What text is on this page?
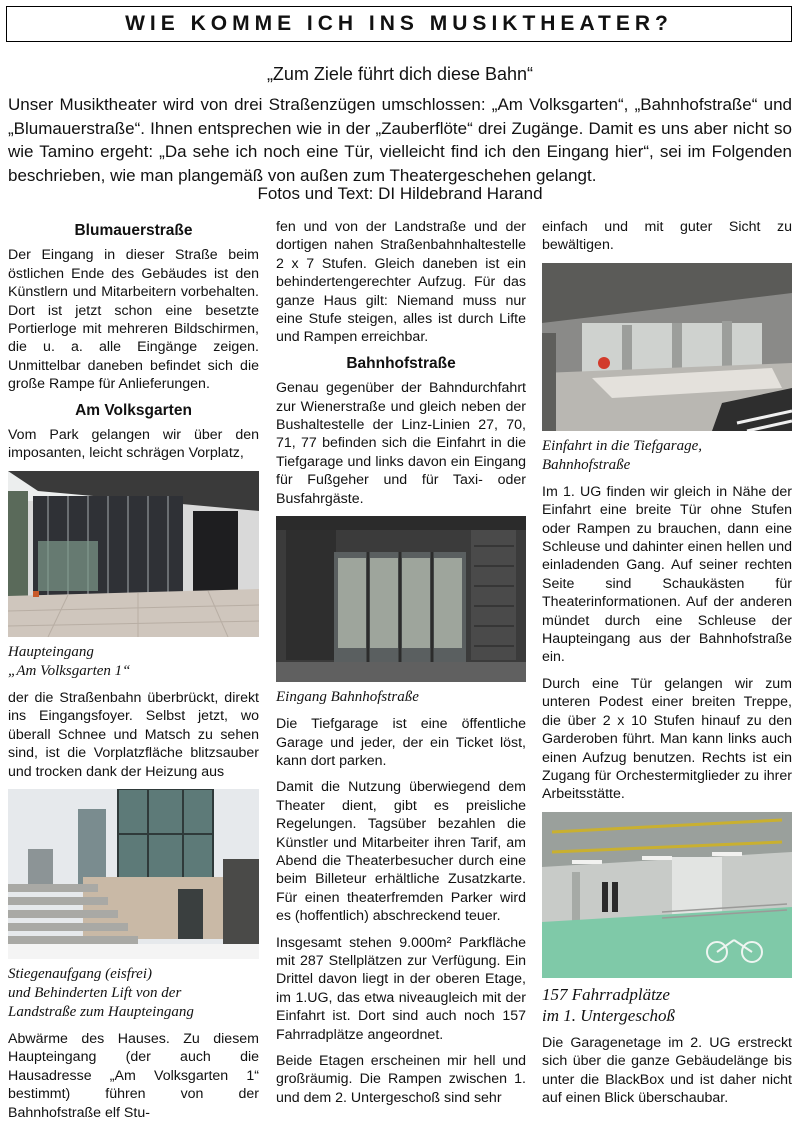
WIE KOMME ICH INS MUSIKTHEATER?
„Zum Ziele führt dich diese Bahn“
Unser Musiktheater wird von drei Straßenzügen umschlossen: „Am Volksgarten“, „Bahnhofstraße“ und „Blumauerstraße“. Ihnen entsprechen wie in der „Zauberflöte“ drei Zugänge. Damit es uns aber nicht so wie Tamino ergeht: „Da sehe ich noch eine Tür, vielleicht find ich den Eingang hier“, sei im Folgenden beschrieben, wie man plangemäß von außen zum Theatergeschehen gelangt.
Fotos und Text: DI Hildebrand Harand
Blumauerstraße

Der Eingang in dieser Straße beim östlichen Ende des Gebäudes ist den Künstlern und Mitarbeitern vorbehalten. Dort ist jetzt schon eine besetzte Portierloge mit mehreren Bildschirmen, die u. a. alle Eingänge zeigen. Unmittelbar daneben befindet sich die große Rampe für Anlieferungen.

Am Volksgarten

Vom Park gelangen wir über den imposanten, leicht schrägen Vorplatz,

Haupteingang
„Am Volksgarten 1“

der die Straßenbahn überbrückt, direkt ins Eingangsfoyer. Selbst jetzt, wo überall Schnee und Matsch zu sehen sind, ist die Vorplatzfläche blitzsauber und trocken dank der Heizung aus

Stiegenaufgang (eisfrei)
und Behinderten Lift von der
Landstraße zum Haupteingang

Abwärme des Hauses. Zu diesem Haupteingang (der auch die Hausadresse „Am Volksgarten 1“ bestimmt) führen von der Bahnhofstraße elf Stu-

fen und von der Landstraße und der dortigen nahen Straßenbahnhaltestelle 2 x 7 Stufen. Gleich daneben ist ein behindertengerechter Aufzug. Für das ganze Haus gilt: Niemand muss nur eine Stufe steigen, alles ist durch Lifte und Rampen erreichbar.

Bahnhofstraße

Genau gegenüber der Bahndurchfahrt zur Wienerstraße und gleich neben der Bushaltestelle der Linz-Linien 27, 70, 71, 77 befinden sich die Einfahrt in die Tiefgarage und links davon ein Eingang für Fußgeher und für Taxi- oder Busfahrgäste.

Eingang Bahnhofstraße

Die Tiefgarage ist eine öffentliche Garage und jeder, der ein Ticket löst, kann dort parken.

Damit die Nutzung überwiegend dem Theater dient, gibt es preisliche Regelungen. Tagsüber bezahlen die Künstler und Mitarbeiter ihren Tarif, am Abend die Theaterbesucher durch eine beim Billeteur erhältliche Zusatzkarte. Für einen theaterfremden Parker wird es (hoffentlich) abschreckend teuer.

Insgesamt stehen 9.000m² Parkfläche mit 287 Stellplätzen zur Verfügung. Ein Drittel davon liegt in der oberen Etage, im 1.UG, das etwa niveaugleich mit der Einfahrt ist. Dort sind auch noch 157 Fahrradplätze angeordnet.

Beide Etagen erscheinen mir hell und großräumig. Die Rampen zwischen 1. und dem 2. Untergeschoß sind sehr

einfach und mit guter Sicht zu bewältigen.

Einfahrt in die Tiefgarage,
Bahnhofstraße

Im 1. UG finden wir gleich in Nähe der Einfahrt eine breite Tür ohne Stufen oder Rampen zu brauchen, dann eine Schleuse und dahinter einen hellen und einladenden Gang. Auf seiner rechten Seite sind Schaukästen für Theaterinformationen. Auf der anderen mündet durch eine Schleuse der Haupteingang aus der Bahnhofstraße ein.

Durch eine Tür gelangen wir zum unteren Podest einer breiten Treppe, die über 2 x 10 Stufen hinauf zu den Garderoben führt. Man kann links auch einen Aufzug benutzen. Rechts ist ein Zugang für Orchestermitglieder zu ihrer Arbeitsstätte.

157 Fahrradplätze
im 1. Untergeschoß

Die Garagenetage im 2. UG erstreckt sich über die ganze Gebäudelänge bis unter die BlackBox und ist daher nicht auf einen Blick überschaubar.
